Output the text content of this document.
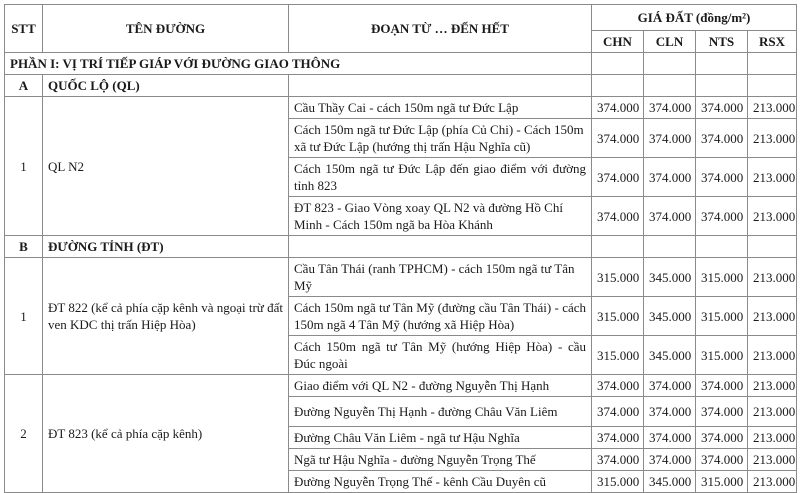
STT	TÊN ĐƯỜNG	ĐOẠN TỪ … ĐẾN HẾT	GIÁ ĐẤT (đồng/m²)			
			CHN	CLN	NTS	RSX
PHẦN I: VỊ TRÍ TIẾP GIÁP VỚI ĐƯỜNG GIAO THÔNG						
A	QUỐC LỘ (QL)					
1	QL N2	Cầu Thầy Cai - cách 150m ngã tư Đức Lập	374.000	374.000	374.000	213.000
		Cách 150m ngã tư Đức Lập (phía Củ Chi) - Cách 150m xã tư Đức Lập (hướng thị trấn Hậu Nghĩa cũ)	374.000	374.000	374.000	213.000
		Cách 150m ngã tư Đức Lập đến giao điểm với đường tỉnh 823	374.000	374.000	374.000	213.000
		ĐT 823 - Giao Vòng xoay QL N2 và đường Hồ Chí Minh - Cách 150m ngã ba Hòa Khánh	374.000	374.000	374.000	213.000
B	ĐƯỜNG TỈNH (ĐT)					
1	ĐT 822 (kể cả phía cặp kênh và ngoại trừ đất ven KDC thị trấn Hiệp Hòa)	Cầu Tân Thái (ranh TPHCM) - cách 150m ngã tư Tân Mỹ	315.000	345.000	315.000	213.000
		Cách 150m ngã tư Tân Mỹ (đường cầu Tân Thái) - cách 150m ngã 4 Tân Mỹ (hướng xã Hiệp Hòa)	315.000	345.000	315.000	213.000
		Cách 150m ngã tư Tân Mỹ (hướng Hiệp Hòa) - cầu Đúc ngoài	315.000	345.000	315.000	213.000
2	ĐT 823 (kể cả phía cặp kênh)	Giao điểm với QL N2 - đường Nguyễn Thị Hạnh	374.000	374.000	374.000	213.000
		Đường Nguyễn Thị Hạnh - đường Châu Văn Liêm	374.000	374.000	374.000	213.000
		Đường Châu Văn Liêm - ngã tư Hậu Nghĩa	374.000	374.000	374.000	213.000
		Ngã tư Hậu Nghĩa - đường Nguyễn Trọng Thế	374.000	374.000	374.000	213.000
		Đường Nguyễn Trọng Thế - kênh Cầu Duyên cũ	315.000	345.000	315.000	213.000
